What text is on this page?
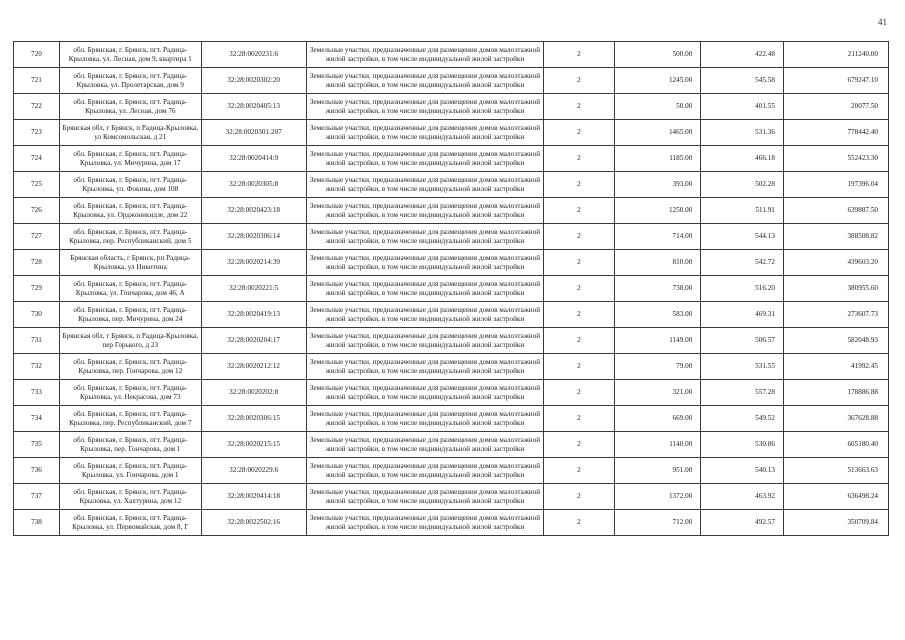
41
720	обл. Брянская, г. Брянск, пгт. Радица-Крыловка, ул. Лесная, дом 9, квартира 1	32:28:0020231:6	Земельные участки, предназначенные для размещения домов малоэтажной жилой застройки, в том числе индивидуальной жилой застройки	2	500.00	422.48	211240.00
721	обл. Брянская, г. Брянск, пгт. Радица-Крыловка, ул. Пролетарская, дом 9	32:28:0020302:20	Земельные участки, предназначенные для размещения домов малоэтажной жилой застройки, в том числе индивидуальной жилой застройки	2	1245.00	545.58	679247.10
722	обл. Брянская, г. Брянск, пгт. Радица-Крыловка, ул. Лесная, дом 76	32:28:0020405:13	Земельные участки, предназначенные для размещения домов малоэтажной жилой застройки, в том числе индивидуальной жилой застройки	2	50.00	401.55	20077.50
723	Брянская обл, г Брянск, п Радица-Крыловка, ул Комсомольская, д 21	32:28:0020301:207	Земельные участки, предназначенные для размещения домов малоэтажной жилой застройки, в том числе индивидуальной жилой застройки	2	1465.00	531.36	778442.40
724	обл. Брянская, г. Брянск, пгт. Радица-Крыловка, ул. Мичурина, дом 17	32:28:0020414:9	Земельные участки, предназначенные для размещения домов малоэтажной жилой застройки, в том числе индивидуальной жилой застройки	2	1185.00	466.18	552423.30
725	обл. Брянская, г. Брянск, пгт. Радица-Крыловка, ул. Фокина, дом 108	32:28:0020305:8	Земельные участки, предназначенные для размещения домов малоэтажной жилой застройки, в том числе индивидуальной жилой застройки	2	393.00	502.28	197396.04
726	обл. Брянская, г. Брянск, пгт. Радица-Крыловка, ул. Орджоникидзе, дом 22	32:28:0020423:18	Земельные участки, предназначенные для размещения домов малоэтажной жилой застройки, в том числе индивидуальной жилой застройки	2	1250.00	511.91	639887.50
727	обл. Брянская, г. Брянск, пгт. Радица-Крыловка, пер. Республиканский, дом 5	32:28:0020306:14	Земельные участки, предназначенные для размещения домов малоэтажной жилой застройки, в том числе индивидуальной жилой застройки	2	714.00	544.13	388508.82
728	Брянская область, г Брянск, рп Радица-Крыловка, ул Никитина	32:28:0020214:39	Земельные участки, предназначенные для размещения домов малоэтажной жилой застройки, в том числе индивидуальной жилой застройки	2	810.00	542.72	439603.20
729	обл. Брянская, г. Брянск, пгт. Радица-Крыловка, ул. Гончарова, дом 46, А	32:28:0020221:5	Земельные участки, предназначенные для размещения домов малоэтажной жилой застройки, в том числе индивидуальной жилой застройки	2	738.00	516.20	380955.60
730	обл. Брянская, г. Брянск, пгт. Радица-Крыловка, пер. Мичурина, дом 24	32:28:0020419:13	Земельные участки, предназначенные для размещения домов малоэтажной жилой застройки, в том числе индивидуальной жилой застройки	2	583.00	469.31	273607.73
731	Брянская обл, г Брянск, п Радица-Крыловка, пер Горького, д 23	32:28:0020204:17	Земельные участки, предназначенные для размещения домов малоэтажной жилой застройки, в том числе индивидуальной жилой застройки	2	1149.00	506.57	582048.93
732	обл. Брянская, г. Брянск, пгт. Радица-Крыловка, пер. Гончарова, дом 12	32:28:0020212:12	Земельные участки, предназначенные для размещения домов малоэтажной жилой застройки, в том числе индивидуальной жилой застройки	2	79.00	531.55	41992.45
733	обл. Брянская, г. Брянск, пгт. Радица-Крыловка, ул. Некрасова, дом 73	32:28:0020202:8	Земельные участки, предназначенные для размещения домов малоэтажной жилой застройки, в том числе индивидуальной жилой застройки	2	321.00	557.28	178886.88
734	обл. Брянская, г. Брянск, пгт. Радица-Крыловка, пер. Республиканский, дом 7	32:28:0020306:15	Земельные участки, предназначенные для размещения домов малоэтажной жилой застройки, в том числе индивидуальной жилой застройки	2	669.00	549.52	367628.88
735	обл. Брянская, г. Брянск, пгт. Радица-Крыловка, пер. Гончарова, дом 1	32:28:0020215:15	Земельные участки, предназначенные для размещения домов малоэтажной жилой застройки, в том числе индивидуальной жилой застройки	2	1140.00	530.86	605180.40
736	обл. Брянская, г. Брянск, пгт. Радица-Крыловка, ул. Гончарова, дом 1	32:28:0020229:6	Земельные участки, предназначенные для размещения домов малоэтажной жилой застройки, в том числе индивидуальной жилой застройки	2	951.00	540.13	513663.63
737	обл. Брянская, г. Брянск, пгт. Радица-Крыловка, ул. Хахтурина, дом 12	32:28:0020414:18	Земельные участки, предназначенные для размещения домов малоэтажной жилой застройки, в том числе индивидуальной жилой застройки	2	1372.00	463.92	636498.24
738	обл. Брянская, г. Брянск, пгт. Радица-Крыловка, ул. Первомайская, дом 8, Г	32:28:0022502:16	Земельные участки, предназначенные для размещения домов малоэтажной жилой застройки, в том числе индивидуальной жилой застройки	2	712.00	492.57	350709.84
